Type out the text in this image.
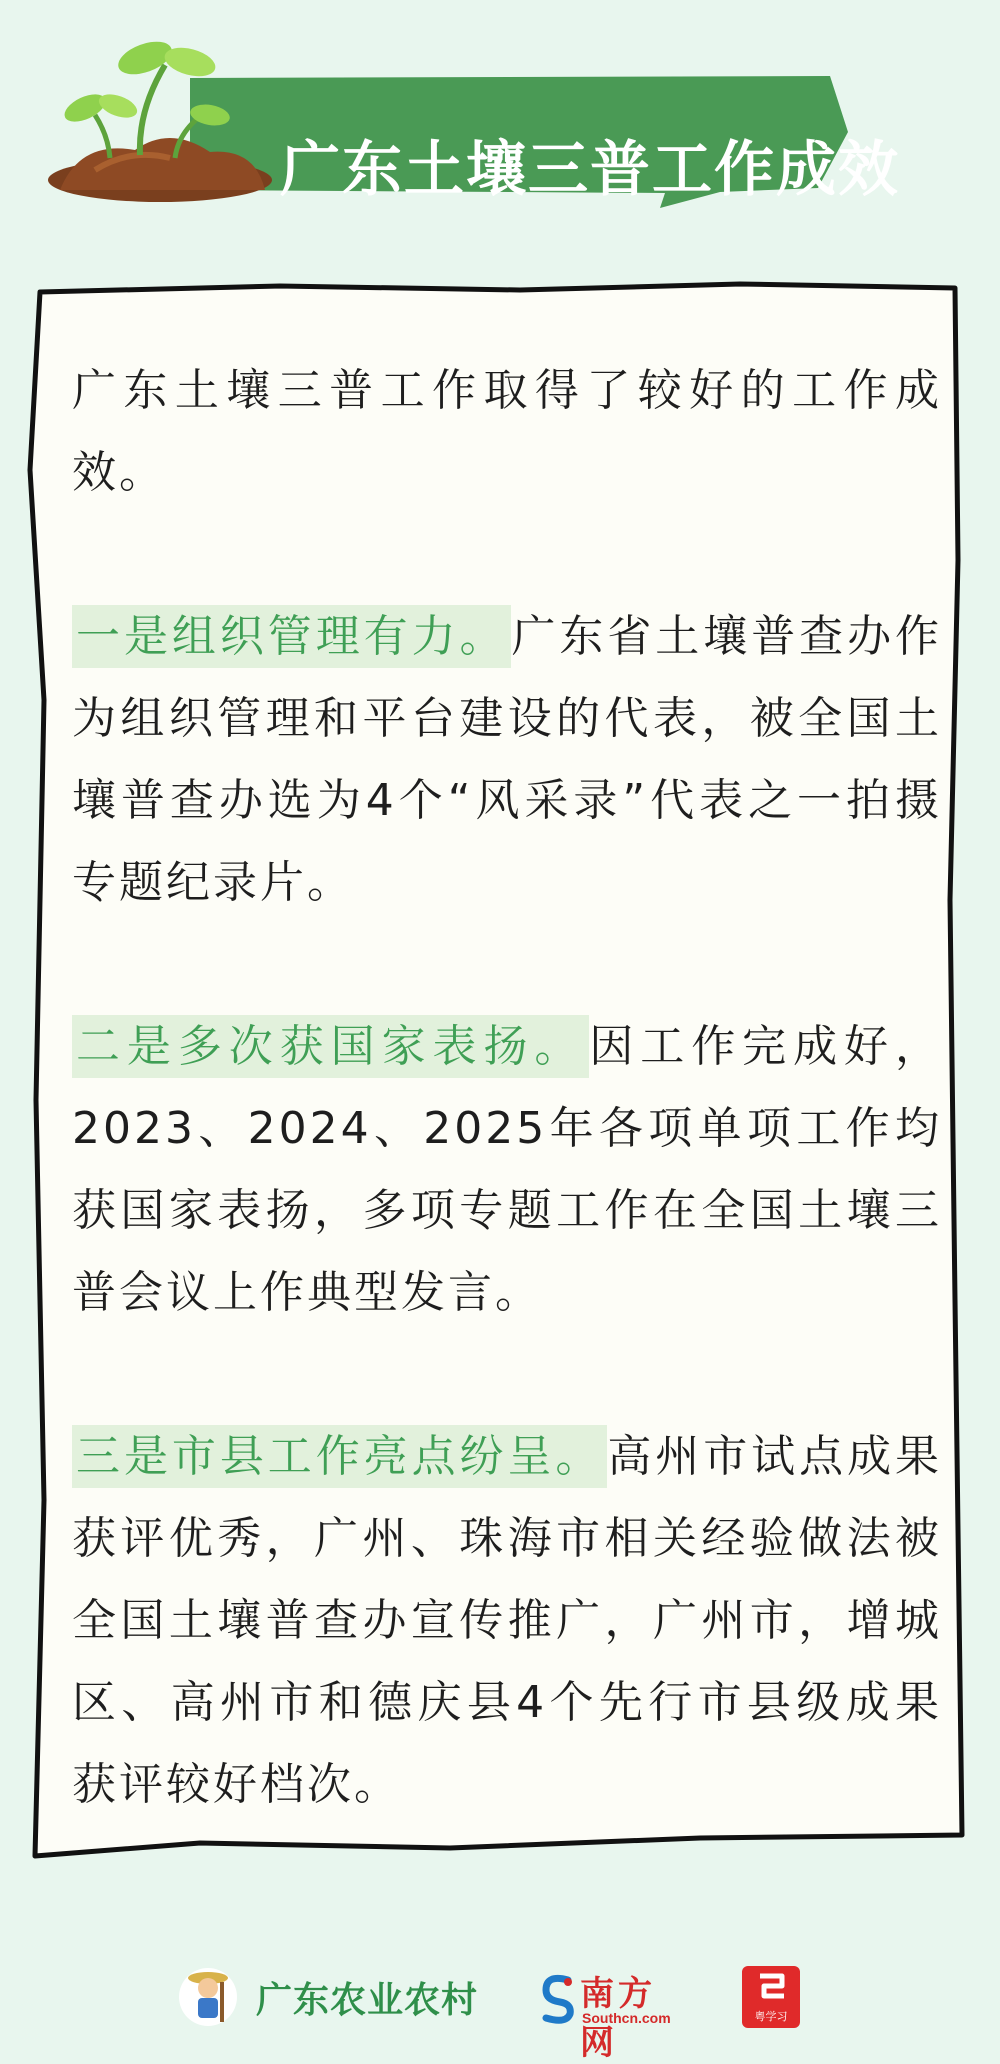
广东土壤三普工作成效

广东土壤三普工作取得了较好的工作成效。

一是组织管理有力。广东省土壤普查办作为组织管理和平台建设的代表，被全国土壤普查办选为4个“风采录”代表之一拍摄专题纪录片。

二是多次获国家表扬。因工作完成好，2023、2024、2025年各项单项工作均获国家表扬，多项专题工作在全国土壤三普会议上作典型发言。

三是市县工作亮点纷呈。高州市试点成果获评优秀，广州、珠海市相关经验做法被全国土壤普查办宣传推广，广州市，增城区、高州市和德庆县4个先行市县级成果获评较好档次。

广东农业农村	南方网
Southcn.com	粤学习
